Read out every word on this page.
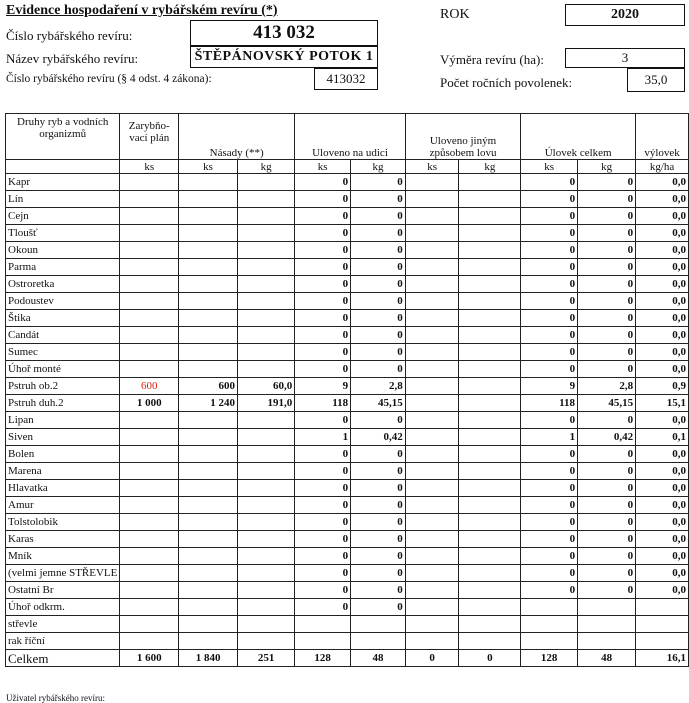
Evidence hospodaření v rybářském revíru (*)
Číslo rybářského revíru:	413 032
Název rybářského revíru:	ŠTĚPÁNOVSKÝ POTOK 1
Číslo rybářského revíru (§ 4 odst. 4 zákona):	413032
ROK	2020
Výměra revíru (ha):	3
Počet ročních povolenek:	35,0
Druhy ryb a vodních organizmů	Zarybňo- vací plán	Násady (**)		Uloveno na udici		Uloveno jiným způsobem lovu		Úlovek celkem		výlovek
	ks	ks	kg	ks	kg	ks	kg	ks	kg	kg/ha
Kapr				0	0			0	0	0,0
Lín				0	0			0	0	0,0
Cejn				0	0			0	0	0,0
Tloušť				0	0			0	0	0,0
Okoun				0	0			0	0	0,0
Parma				0	0			0	0	0,0
Ostroretka				0	0			0	0	0,0
Podoustev				0	0			0	0	0,0
Štika				0	0			0	0	0,0
Candát				0	0			0	0	0,0
Sumec				0	0			0	0	0,0
Úhoř monté				0	0			0	0	0,0
Pstruh ob.2	600	600	60,0	9	2,8			9	2,8	0,9
Pstruh duh.2	1 000	1 240	191,0	118	45,15			118	45,15	15,1
Lipan				0	0			0	0	0,0
Siven				1	0,42			1	0,42	0,1
Bolen				0	0			0	0	0,0
Marena				0	0			0	0	0,0
Hlavatka				0	0			0	0	0,0
Amur				0	0			0	0	0,0
Tolstolobik				0	0			0	0	0,0
Karas				0	0			0	0	0,0
Mník				0	0			0	0	0,0
(velmi jemne STŘEVLE				0	0			0	0	0,0
Ostatní Br				0	0			0	0	0,0
Úhoř odkrm.				0	0					
střevle										
rak říční										
Celkem	1 600	1 840	251	128	48	0	0	128	48	16,1
Uživatel rybářského revíru:
